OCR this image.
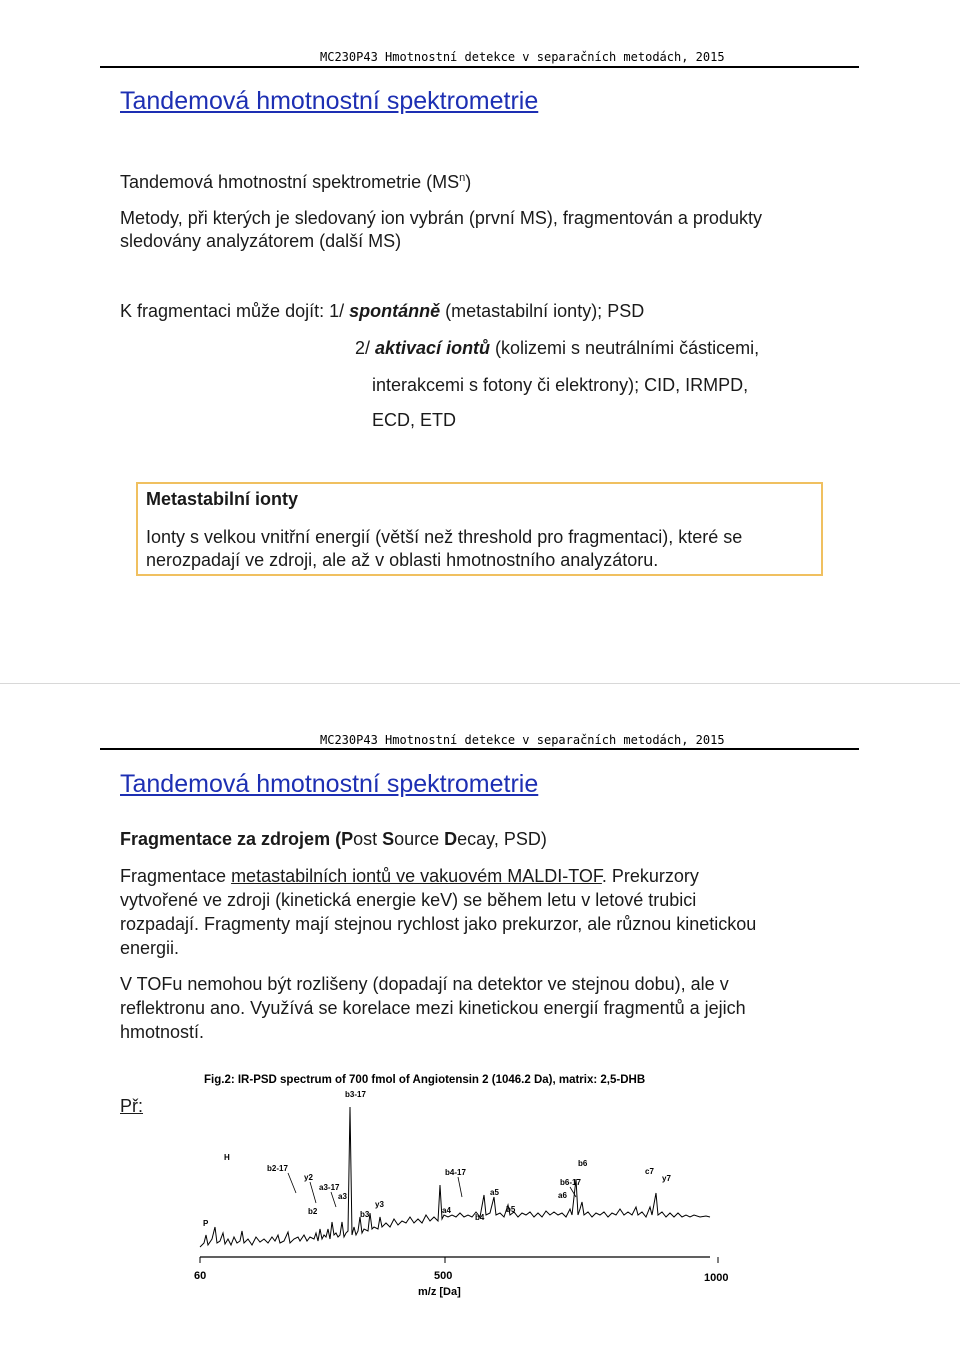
MC230P43 Hmotnostní detekce v separačních metodách, 2015
Tandemová hmotnostní spektrometrie
Tandemová hmotnostní spektrometrie $(MS^n)$
Metody, při kterých je sledovaný ion vybrán (první MS), fragmentován a produkty
sledovány analyzátorem (další MS)
K fragmentaci může dojít: 1/ spontánně (metastabilní ionty); PSD
2/ aktivací iontů (kolizemi s neutrálními částicemi,
interakcemi s fotony či elektrony); CID, IRMPD,
ECD, ETD
Metastabilní ionty
Ionty s velkou vnitřní energií (větší než threshold pro fragmentaci), které se
nerozpadají ve zdroji, ale až v oblasti hmotnostního analyzátoru.
MC230P43 Hmotnostní detekce v separačních metodách, 2015
Tandemová hmotnostní spektrometrie
Fragmentace za zdrojem (Post Source Decay, PSD)
Fragmentace metastabilních iontů ve vakuovém MALDI-TOF. Prekurzory
vytvořené ve zdroji (kinetická energie keV) se během letu v letové trubici
rozpadají. Fragmenty mají stejnou rychlost jako prekurzor, ale různou kinetickou
energii.
V TOFu nemohou být rozlišeny (dopadají na detektor ve stejnou dobu), ale v
reflektronu ano. Využívá se korelace mezi kinetickou energií fragmentů a jejich
hmotností.
Př:
Fig.2: IR-PSD spectrum of 700 fmol of Angiotensin 2 (1046.2 Da), matrix: 2,5-DHB
60	500	1000
m/z [Da]
b3-17
H
b2-17
y2
a3-17
a3
b2
y3
b3
P
b4-17
a4
a5
b4
b5
b6
b6-17
a6
c7
y7
